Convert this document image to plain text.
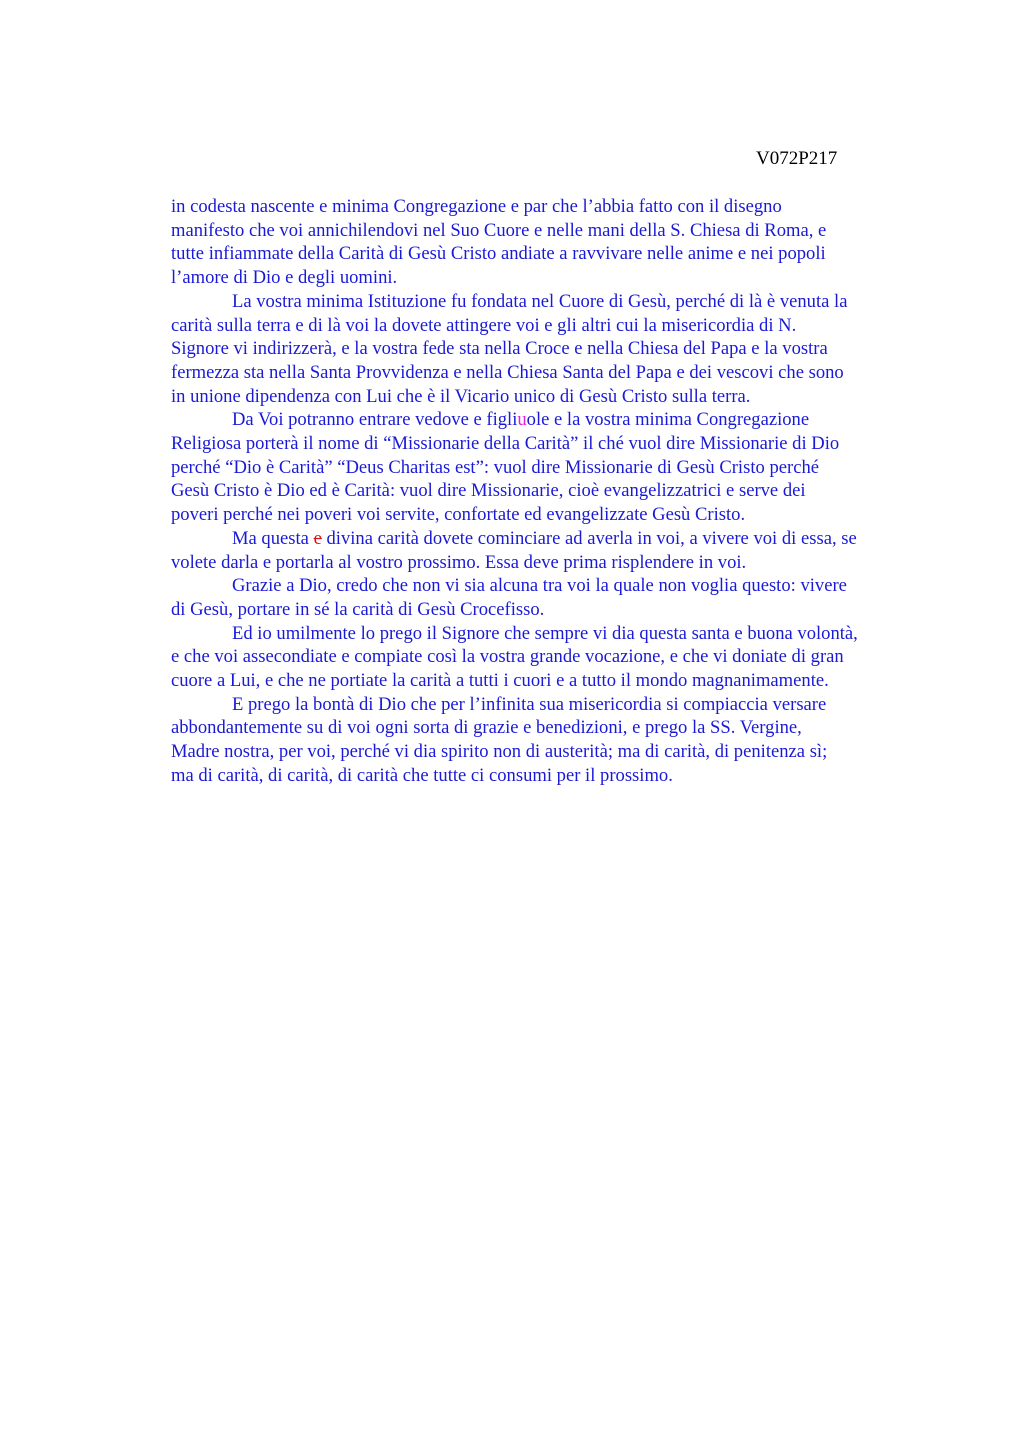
V072P217

in codesta nascente e minima Congregazione e par che l’abbia fatto con il disegno

manifesto che voi annichilendovi nel Suo Cuore e nelle mani della S. Chiesa di Roma, e

tutte infiammate della Carità di Gesù Cristo andiate a ravvivare nelle anime e nei popoli

l’amore di Dio e degli uomini.

La vostra minima Istituzione fu fondata nel Cuore di Gesù, perché di là è venuta la

carità sulla terra e di là voi la dovete attingere voi e gli altri cui la misericordia di N.

Signore vi indirizzerà, e la vostra fede sta nella Croce e nella Chiesa del Papa e la vostra

fermezza sta nella Santa Provvidenza e nella Chiesa Santa del Papa e dei vescovi che sono

in unione dipendenza con Lui che è il Vicario unico di Gesù Cristo sulla terra.

Da Voi potranno entrare vedove e figliuole e la vostra minima Congregazione

Religiosa porterà il nome di “Missionarie della Carità” il ché vuol dire Missionarie di Dio

perché “Dio è Carità” “Deus Charitas est”: vuol dire Missionarie di Gesù Cristo perché

Gesù Cristo è Dio ed è Carità: vuol dire Missionarie, cioè evangelizzatrici e serve dei

poveri perché nei poveri voi servite, confortate ed evangelizzate Gesù Cristo.

Ma questa e divina carità dovete cominciare ad averla in voi, a vivere voi di essa, se

volete darla e portarla al vostro prossimo. Essa deve prima risplendere in voi.

Grazie a Dio, credo che non vi sia alcuna tra voi la quale non voglia questo: vivere

di Gesù, portare in sé la carità di Gesù Crocefisso.

Ed io umilmente lo prego il Signore che sempre vi dia questa santa e buona volontà,

e che voi assecondiate e compiate così la vostra grande vocazione, e che vi doniate di gran

cuore a Lui, e che ne portiate la carità a tutti i cuori e a tutto il mondo magnanimamente.

E prego la bontà di Dio che per l’infinita sua misericordia si compiaccia versare

abbondantemente su di voi ogni sorta di grazie e benedizioni, e prego la SS. Vergine,

Madre nostra, per voi, perché vi dia spirito non di austerità; ma di carità, di penitenza sì;

ma di carità, di carità, di carità che tutte ci consumi per il prossimo.
